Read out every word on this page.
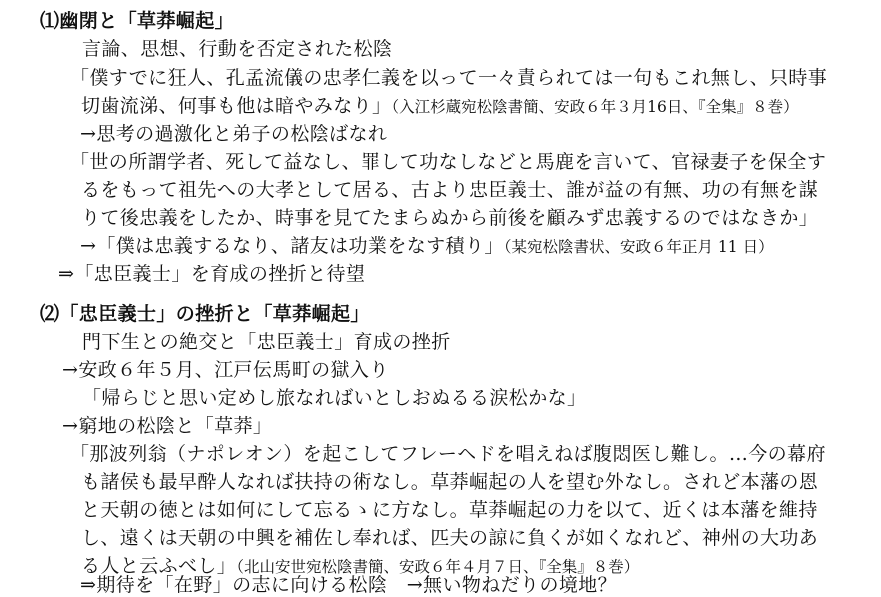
⑴幽閉と「草莽崛起」
言論、思想、行動を否定された松陰
「僕すでに狂人、孔孟流儀の忠孝仁義を以って一々責られては一句もこれ無し、只時事
切歯流涕、何事も他は暗やみなり」（入江杉蔵宛松陰書簡、安政６年３月16日、『全集』８巻）
→思考の過激化と弟子の松陰ばなれ
「世の所謂学者、死して益なし、罪して功なしなどと馬鹿を言いて、官禄妻子を保全す
るをもって祖先への大孝として居る、古より忠臣義士、誰が益の有無、功の有無を謀
りて後忠義をしたか、時事を見てたまらぬから前後を顧みず忠義するのではなきか」
→「僕は忠義するなり、諸友は功業をなす積り」（某宛松陰書状、安政６年正月 11 日）
⇒「忠臣義士」を育成の挫折と待望
⑵「忠臣義士」の挫折と「草莽崛起」
門下生との絶交と「忠臣義士」育成の挫折
→安政６年５月、江戸伝馬町の獄入り
「帰らじと思い定めし旅なればいとしおぬるる涙松かな」
→窮地の松陰と「草莽」
「那波列翁（ナポレオン）を起こしてフレーヘドを唱えねば腹悶医し難し。…今の幕府
も諸侯も最早酔人なれば扶持の術なし。草莽崛起の人を望む外なし。されど本藩の恩
と天朝の徳とは如何にして忘るゝに方なし。草莽崛起の力を以て、近くは本藩を維持
し、遠くは天朝の中興を補佐し奉れば、匹夫の諒に負くが如くなれど、神州の大功あ
る人と云ふべし」（北山安世宛松陰書簡、安政６年４月７日、『全集』８巻）
⇒期待を「在野」の志に向ける松陰　→無い物ねだりの境地？
